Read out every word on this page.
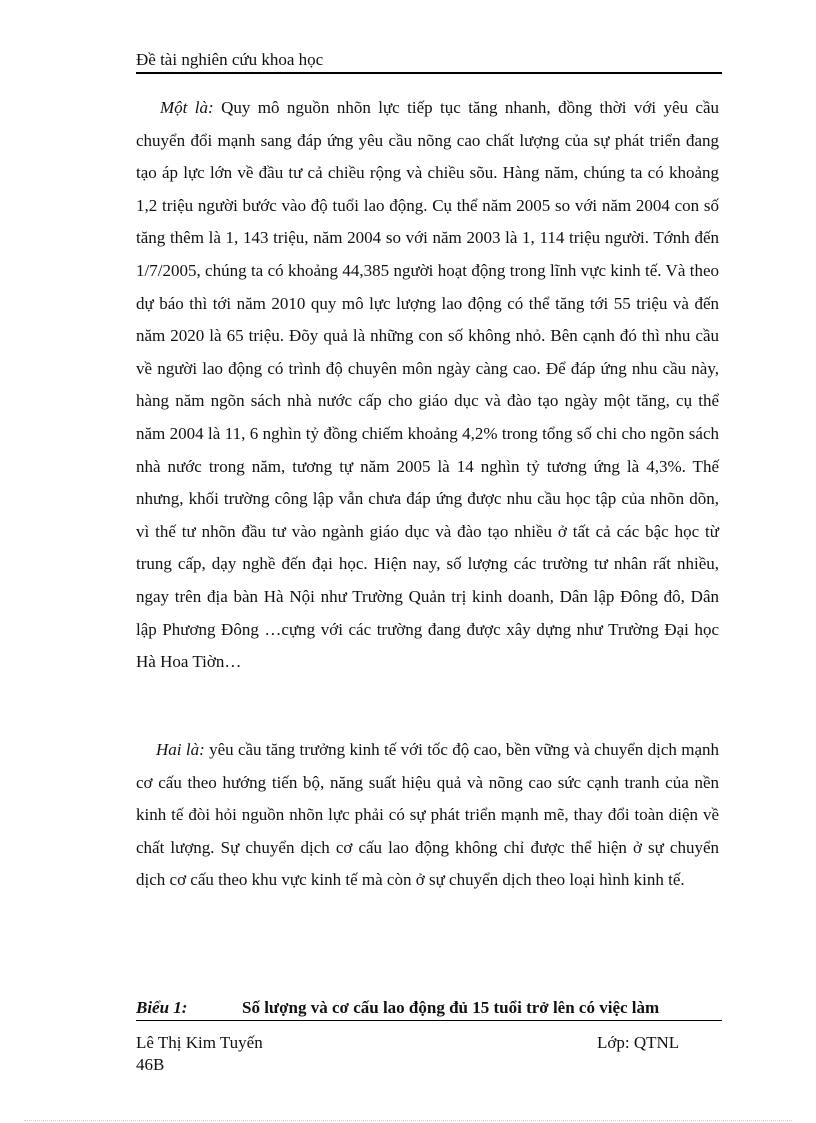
Đề tài nghiên cứu khoa học

Một là: Quy mô nguồn nhõn lực tiếp tục tăng nhanh, đồng thời với yêu cầu chuyển đổi mạnh sang đáp ứng yêu cầu nõng cao chất lượng của sự phát triển đang tạo áp lực lớn về đầu tư cả chiều rộng và chiều sõu. Hàng năm, chúng ta có khoảng 1,2 triệu người bước vào độ tuổi lao động. Cụ thể năm 2005 so với năm 2004 con số tăng thêm là 1, 143 triệu, năm 2004 so với năm 2003 là 1, 114 triệu người. Tớnh đến 1/7/2005, chúng ta có khoảng 44,385 người hoạt động trong lĩnh vực kinh tế. Và theo dự báo thì tới năm 2010 quy mô lực lượng lao động có thể tăng tới 55 triệu và đến năm 2020 là 65 triệu. Đõy quả là những con số không nhỏ. Bên cạnh đó thì nhu cầu về người lao động có trình độ chuyên môn ngày càng cao. Để đáp ứng nhu cầu này, hàng năm ngõn sách nhà nước cấp cho giáo dục và đào tạo ngày một tăng, cụ thể năm 2004 là 11, 6 nghìn tỷ đồng chiếm khoảng 4,2% trong tổng số chi cho ngõn sách nhà nước trong năm, tương tự năm 2005 là 14 nghìn tỷ tương ứng là 4,3%. Thế nhưng, khối trường công lập vẫn chưa đáp ứng được nhu cầu học tập của nhõn dõn, vì thế tư nhõn đầu tư vào ngành giáo dục và đào tạo nhiều ở tất cả các bậc học từ trung cấp, dạy nghề đến đại học. Hiện nay, số lượng các trường tư nhân rất nhiều, ngay trên địa bàn Hà Nội như Trường Quản trị kinh doanh, Dân lập Đông đô, Dân lập Phương Đông …cựng với các trường đang được xây dựng như Trường Đại học Hà Hoa Tiờn…

Hai là: yêu cầu tăng trưởng kinh tế với tốc độ cao, bền vững và chuyển dịch mạnh cơ cấu theo hướng tiến bộ, năng suất hiệu quả và nõng cao sức cạnh tranh của nền kinh tế đòi hỏi nguồn nhõn lực phải có sự phát triển mạnh mẽ, thay đổi toàn diện về chất lượng. Sự chuyển dịch cơ cấu lao động không chỉ được thể hiện ở sự chuyển dịch cơ cấu theo khu vực kinh tế mà còn ở sự chuyển dịch theo loại hình kinh tế.

Biểu 1:	Số lượng và cơ cấu lao động đủ 15 tuổi trở lên có việc làm
Lê Thị Kim Tuyến
46B
Lớp: QTNL
